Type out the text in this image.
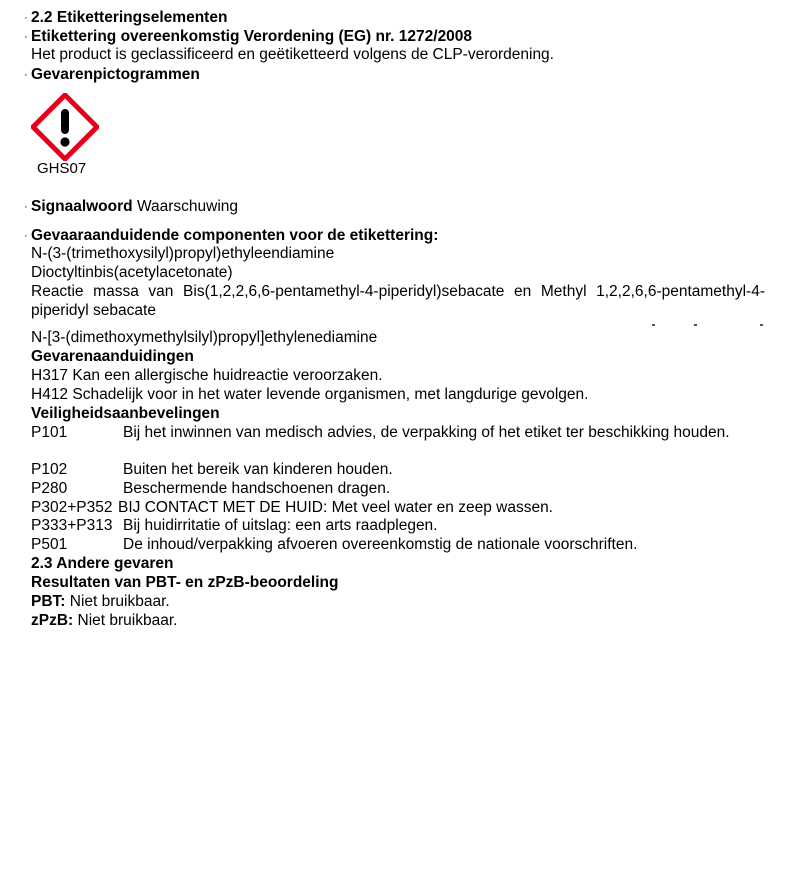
· 2.2 Etiketteringselementen
· Etikettering overeenkomstig Verordening (EG) nr. 1272/2008
Het product is geclassificeerd en geëtiketteerd volgens de CLP-verordening.
· Gevarenpictogrammen
GHS07
· Signaalwoord Waarschuwing
· Gevaaraanduidende componenten voor de etikettering:
N-(3-(trimethoxysilyl)propyl)ethyleendiamine
Dioctyltinbis(acetylacetonate)
Reactie massa van Bis(1,2,2,6,6-pentamethyl-4-piperidyl)sebacate en Methyl 1,2,2,6,6-pentamethyl-4-piperidyl sebacate
N-[3-(dimethoxymethylsilyl)propyl]ethylenediamine
Gevarenaanduidingen
H317 Kan een allergische huidreactie veroorzaken.
H412 Schadelijk voor in het water levende organismen, met langdurige gevolgen.
Veiligheidsaanbevelingen
P101	Bij het inwinnen van medisch advies, de verpakking of het etiket ter beschikking houden.
P102	Buiten het bereik van kinderen houden.
P280	Beschermende handschoenen dragen.
P302+P352 BIJ CONTACT MET DE HUID: Met veel water en zeep wassen.
P333+P313 Bij huidirritatie of uitslag: een arts raadplegen.
P501	De inhoud/verpakking afvoeren overeenkomstig de nationale voorschriften.
2.3 Andere gevaren
Resultaten van PBT- en zPzB-beoordeling
PBT: Niet bruikbaar.
zPzB: Niet bruikbaar.
